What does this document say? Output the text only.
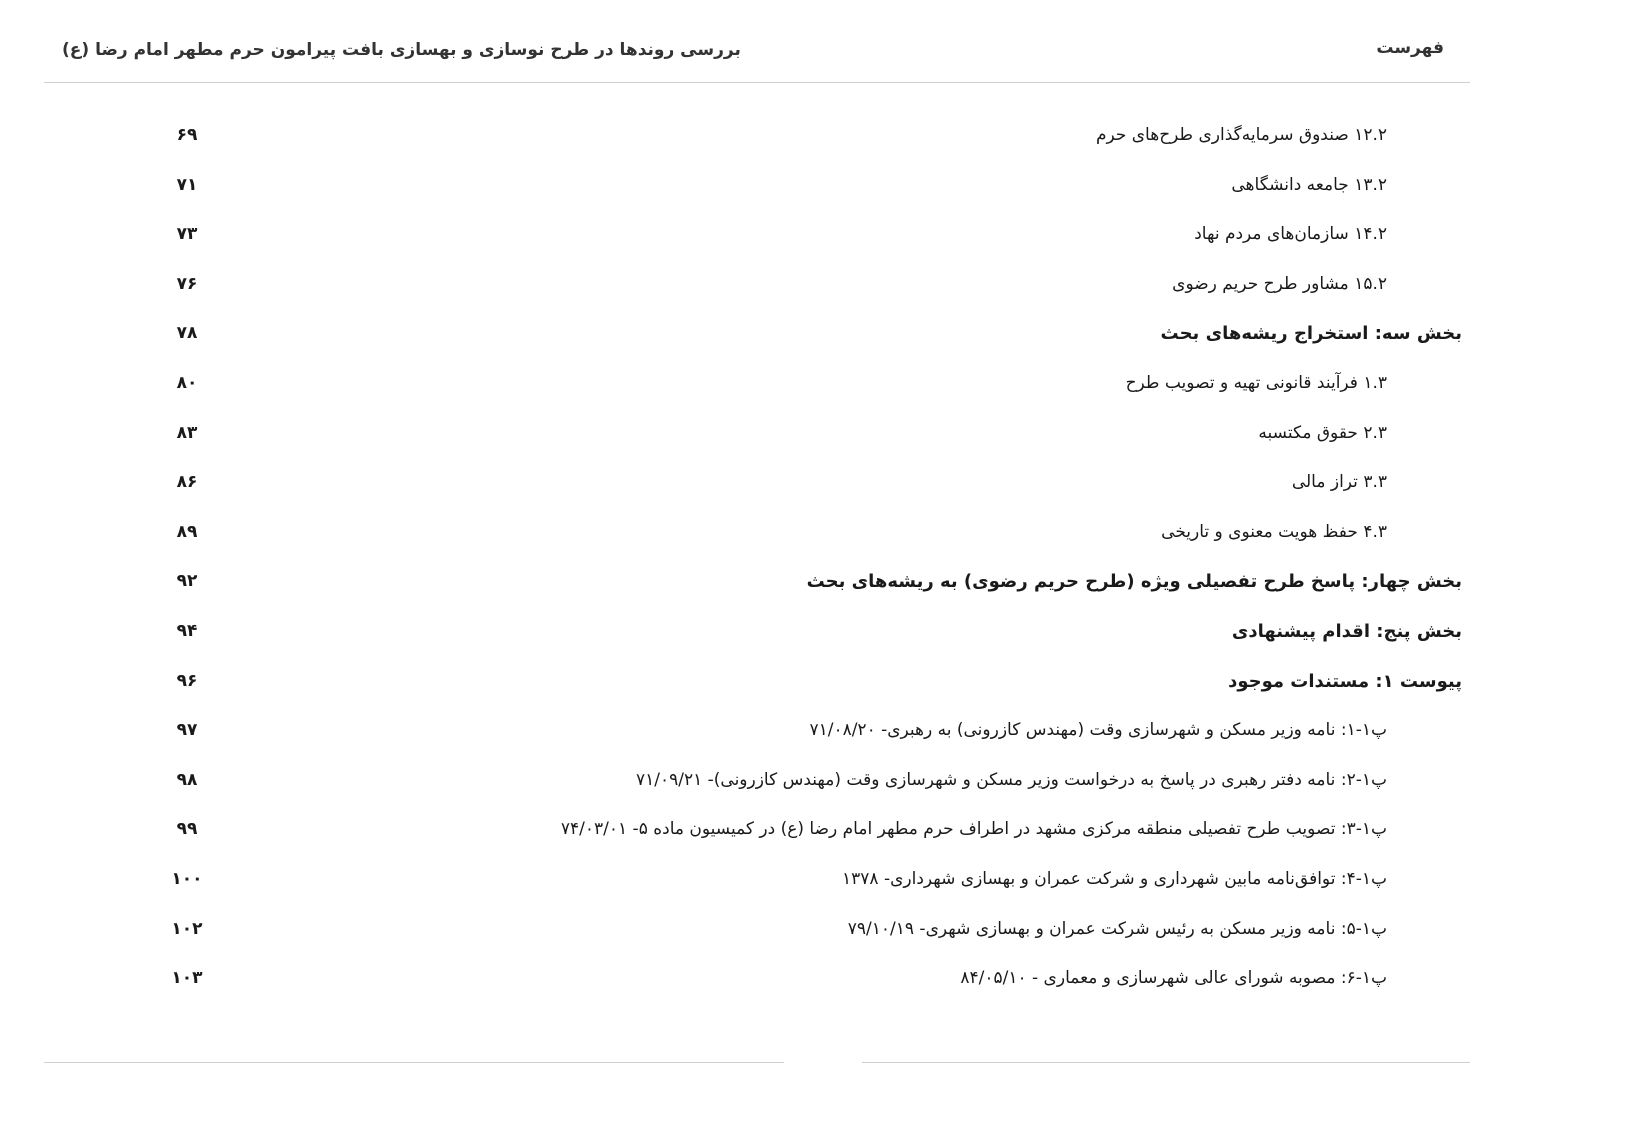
بررسی روندها در طرح نوسازی و بهسازی بافت پیرامون حرم مطهر امام رضا (ع)	فهرست
۱۲.۲ صندوق سرمایه‌گذاری طرح‌های حرم
۶۹
۱۳.۲ جامعه دانشگاهی
۷۱
۱۴.۲ سازمان‌های مردم نهاد
۷۳
۱۵.۲ مشاور طرح حریم رضوی
۷۶
بخش سه: استخراج ریشه‌های بحث
۷۸
۱.۳ فرآیند قانونی تهیه و تصویب طرح
۸۰
۲.۳ حقوق مکتسبه
۸۳
۳.۳ تراز مالی
۸۶
۴.۳ حفظ هویت معنوی و تاریخی
۸۹
بخش چهار: پاسخ طرح تفصیلی ویژه (طرح حریم رضوی) به ریشه‌های بحث
۹۲
بخش پنج: اقدام پیشنهادی
۹۴
پیوست ۱: مستندات موجود
۹۶
پ۱-۱: نامه وزیر مسکن و شهرسازی وقت (مهندس کازرونی) به رهبری- ۷۱/۰۸/۲۰
۹۷
پ۱-۲: نامه دفتر رهبری در پاسخ به درخواست وزیر مسکن و شهرسازی وقت (مهندس کازرونی)- ۷۱/۰۹/۲۱
۹۸
پ۱-۳: تصویب طرح تفصیلی منطقه مرکزی مشهد در اطراف حرم مطهر امام رضا (ع) در کمیسیون ماده ۵- ۷۴/۰۳/۰۱
۹۹
پ۱-۴: توافق‌نامه مابین شهرداری و شرکت عمران و بهسازی شهرداری- ۱۳۷۸
۱۰۰
پ۱-۵: نامه وزیر مسکن به رئیس شرکت عمران و بهسازی شهری- ۷۹/۱۰/۱۹
۱۰۲
پ۱-۶: مصوبه شورای عالی شهرسازی و معماری - ۸۴/۰۵/۱۰
۱۰۳
